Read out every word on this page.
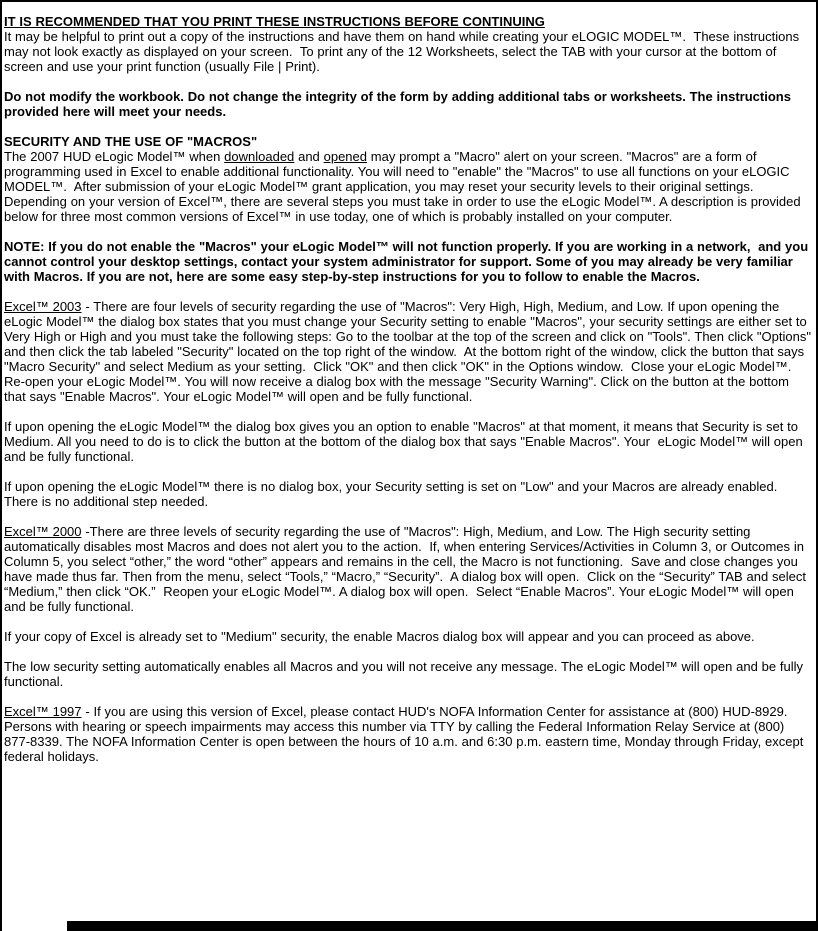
IT IS RECOMMENDED THAT YOU PRINT THESE INSTRUCTIONS BEFORE CONTINUING

It may be helpful to print out a copy of the instructions and have them on hand while creating your eLOGIC MODEL™.  These instructions may not look exactly as displayed on your screen.  To print any of the 12 Worksheets, select the TAB with your cursor at the bottom of screen and use your print function (usually File | Print).

Do not modify the workbook. Do not change the integrity of the form by adding additional tabs or worksheets. The instructions provided here will meet your needs.

SECURITY AND THE USE OF "MACROS"

The 2007 HUD eLogic Model™ when downloaded and opened may prompt a "Macro" alert on your screen. "Macros" are a form of programming used in Excel to enable additional functionality. You will need to "enable" the "Macros" to use all functions on your eLOGIC MODEL™.  After submission of your eLogic Model™ grant application, you may reset your security levels to their original settings. Depending on your version of Excel™, there are several steps you must take in order to use the eLogic Model™. A description is provided below for three most common versions of Excel™ in use today, one of which is probably installed on your computer.

NOTE: If you do not enable the "Macros" your eLogic Model™ will not function properly. If you are working in a network,  and you cannot control your desktop settings, contact your system administrator for support. Some of you may already be very familiar with Macros. If you are not, here are some easy step-by-step instructions for you to follow to enable the Macros.

Excel™ 2003 - There are four levels of security regarding the use of "Macros": Very High, High, Medium, and Low. If upon opening the eLogic Model™ the dialog box states that you must change your Security setting to enable "Macros", your security settings are either set to Very High or High and you must take the following steps: Go to the toolbar at the top of the screen and click on "Tools". Then click "Options" and then click the tab labeled "Security" located on the top right of the window.  At the bottom right of the window, click the button that says "Macro Security" and select Medium as your setting.  Click "OK" and then click "OK" in the Options window.  Close your eLogic Model™.  Re-open your eLogic Model™. You will now receive a dialog box with the message "Security Warning". Click on the button at the bottom that says "Enable Macros". Your eLogic Model™ will open and be fully functional.

If upon opening the eLogic Model™ the dialog box gives you an option to enable "Macros" at that moment, it means that Security is set to Medium. All you need to do is to click the button at the bottom of the dialog box that says "Enable Macros". Your  eLogic Model™ will open and be fully functional.

If upon opening the eLogic Model™ there is no dialog box, your Security setting is set on "Low" and your Macros are already enabled. There is no additional step needed.

Excel™ 2000 -There are three levels of security regarding the use of "Macros": High, Medium, and Low. The High security setting automatically disables most Macros and does not alert you to the action.  If, when entering Services/Activities in Column 3, or Outcomes in Column 5, you select “other,” the word “other” appears and remains in the cell, the Macro is not functioning.  Save and close changes you have made thus far. Then from the menu, select “Tools,” “Macro,” “Security”.  A dialog box will open.  Click on the “Security” TAB and select “Medium,” then click “OK.”  Reopen your eLogic Model™. A dialog box will open.  Select “Enable Macros”. Your eLogic Model™ will open and be fully functional.

If your copy of Excel is already set to "Medium" security, the enable Macros dialog box will appear and you can proceed as above.

The low security setting automatically enables all Macros and you will not receive any message. The eLogic Model™ will open and be fully functional.

Excel™ 1997 - If you are using this version of Excel, please contact HUD's NOFA Information Center for assistance at (800) HUD-8929. Persons with hearing or speech impairments may access this number via TTY by calling the Federal Information Relay Service at (800) 877-8339. The NOFA Information Center is open between the hours of 10 a.m. and 6:30 p.m. eastern time, Monday through Friday, except federal holidays.
